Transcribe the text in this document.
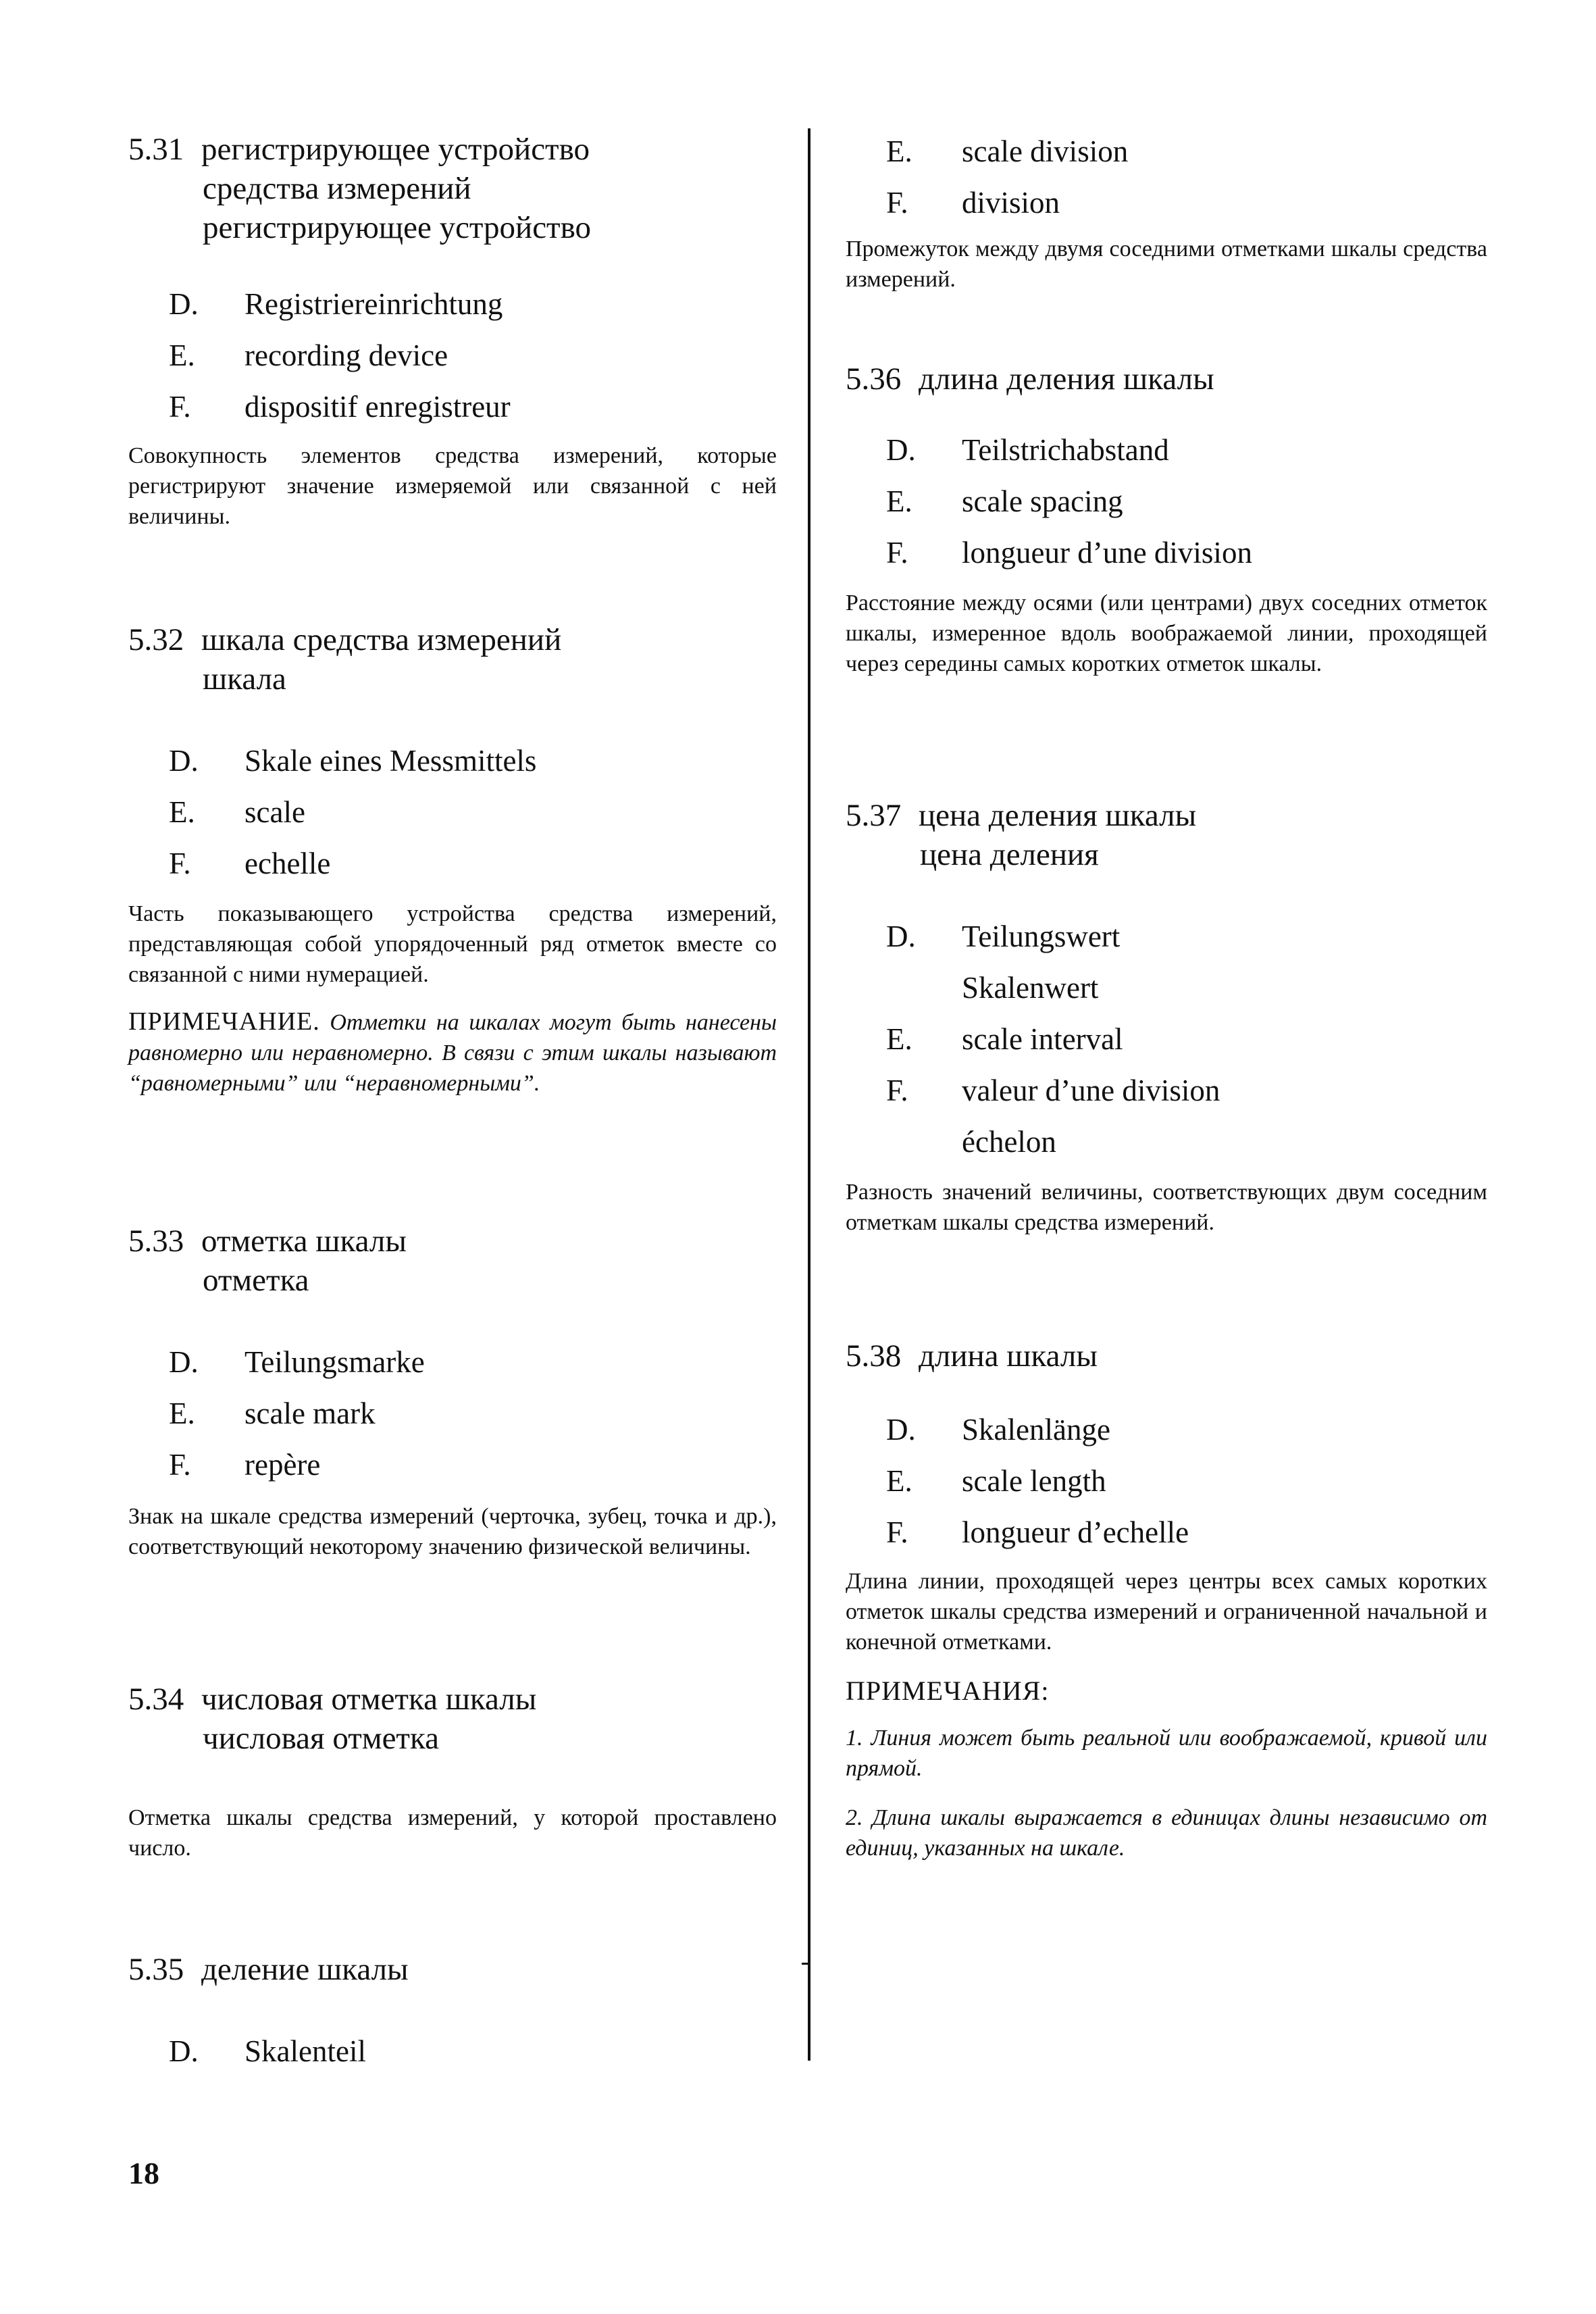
5.31 регистрирующее устройство
средства измерений
регистрирующее устройство
D. Registriereinrichtung
E. recording device
F. dispositif enregistreur
Совокупность элементов средства измерений, которые регистрируют значение измеряемой или связанной с ней величины.
5.32 шкала средства измерений
шкала
D. Skale eines Messmittels
E. scale
F. echelle
Часть показывающего устройства средства измерений, представляющая собой упорядоченный ряд отметок вместе со связанной с ними нумерацией.
ПРИМЕЧАНИЕ. Отметки на шкалах могут быть нанесены равномерно или неравномерно. В связи с этим шкалы называют “равномерными” или “неравномерными”.
5.33 отметка шкалы
отметка
D. Teilungsmarke
E. scale mark
F. repère
Знак на шкале средства измерений (черточка, зубец, точка и др.), соответствующий некоторому значению физической величины.
5.34 числовая отметка шкалы
числовая отметка
Отметка шкалы средства измерений, у которой проставлено число.
5.35 деление шкалы
D. Skalenteil
E. scale division
F. division
Промежуток между двумя соседними отметками шкалы средства измерений.
5.36 длина деления шкалы
D. Teilstrichabstand
E. scale spacing
F. longueur d’une division
Расстояние между осями (или центрами) двух соседних отметок шкалы, измеренное вдоль воображаемой линии, проходящей через середины самых коротких отметок шкалы.
5.37 цена деления шкалы
цена деления
D. Teilungswert
Skalenwert
E. scale interval
F. valeur d’une division
échelon
Разность значений величины, соответствующих двум соседним отметкам шкалы средства измерений.
5.38 длина шкалы
D. Skalenlänge
E. scale length
F. longueur d’echelle
Длина линии, проходящей через центры всех самых коротких отметок шкалы средства измерений и ограниченной начальной и конечной отметками.
ПРИМЕЧАНИЯ:
1. Линия может быть реальной или воображаемой, кривой или прямой.
2. Длина шкалы выражается в единицах длины независимо от единиц, указанных на шкале.
18
